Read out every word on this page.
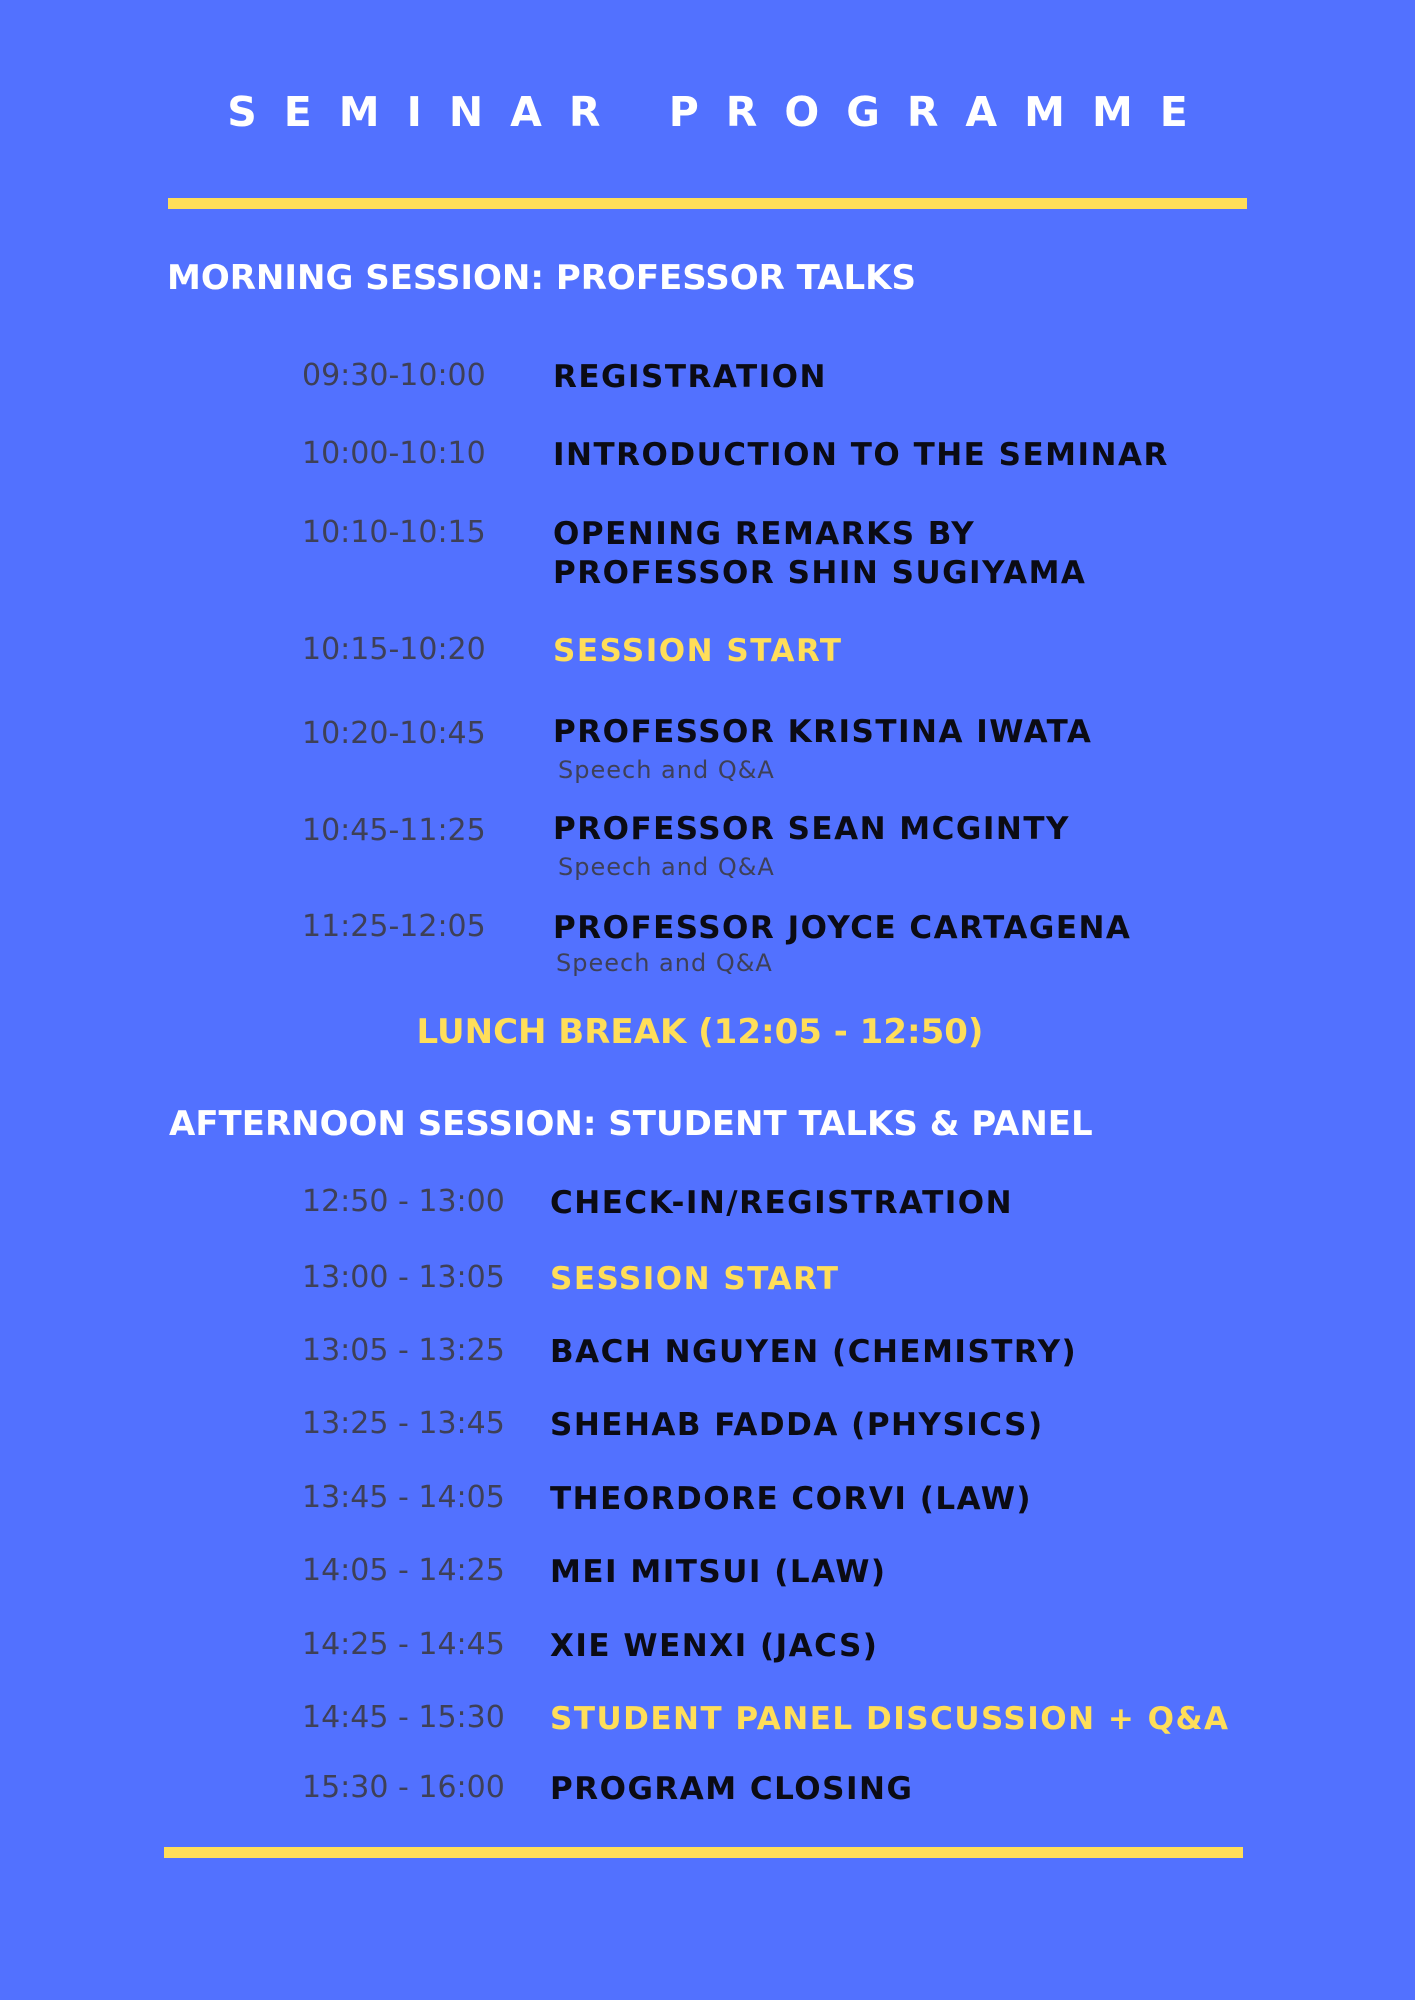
SEMINAR PROGRAMME
MORNING SESSION: PROFESSOR TALKS
09:30-10:00 REGISTRATION
10:00-10:10 INTRODUCTION TO THE SEMINAR
10:10-10:15 OPENING REMARKS BY PROFESSOR SHIN SUGIYAMA
10:15-10:20 SESSION START
10:20-10:45 PROFESSOR KRISTINA IWATA
Speech and Q&A
10:45-11:25 PROFESSOR SEAN MCGINTY
Speech and Q&A
11:25-12:05 PROFESSOR JOYCE CARTAGENA
Speech and Q&A
LUNCH BREAK (12:05 - 12:50)
AFTERNOON SESSION: STUDENT TALKS & PANEL
12:50 - 13:00 CHECK-IN/REGISTRATION
13:00 - 13:05 SESSION START
13:05 - 13:25 BACH NGUYEN (CHEMISTRY)
13:25 - 13:45 SHEHAB FADDA (PHYSICS)
13:45 - 14:05 THEORDORE CORVI (LAW)
14:05 - 14:25 MEI MITSUI (LAW)
14:25 - 14:45 XIE WENXI (JACS)
14:45 - 15:30 STUDENT PANEL DISCUSSION + Q&A
15:30 - 16:00 PROGRAM CLOSING
